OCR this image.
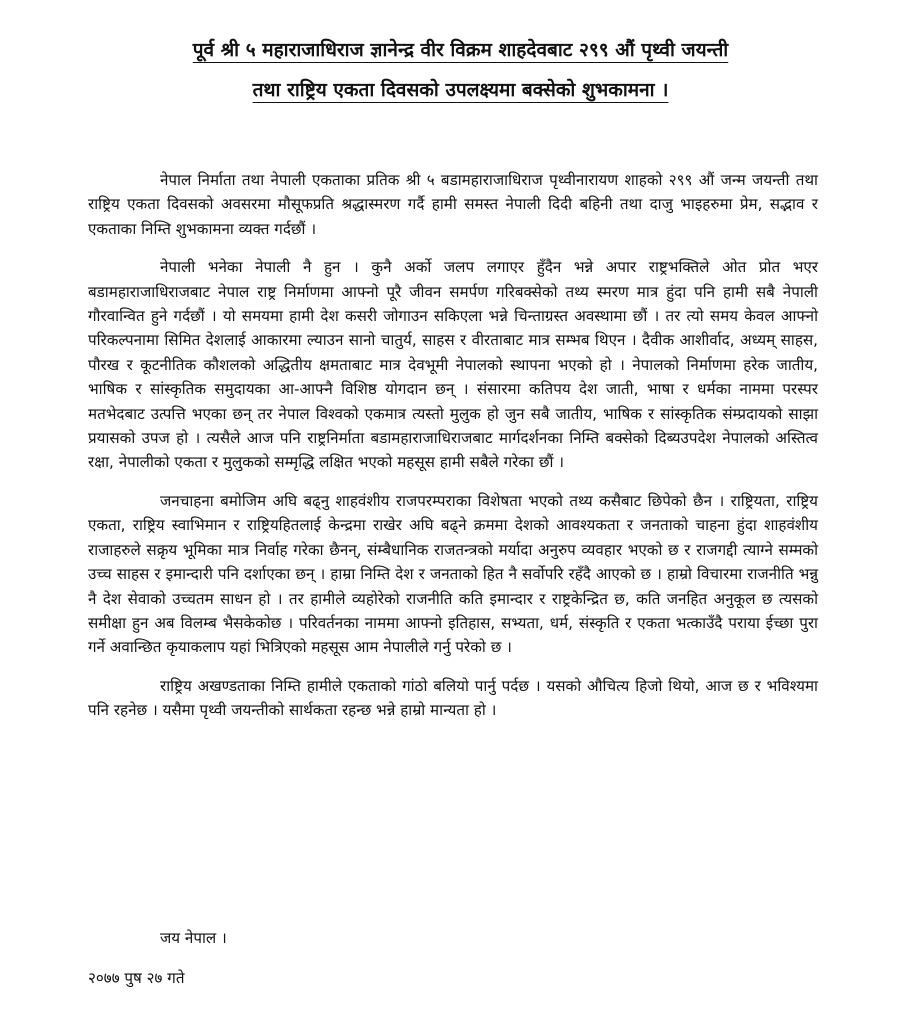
पूर्व श्री ५ महाराजाधिराज ज्ञानेन्द्र वीर विक्रम शाहदेवबाट २९९ औं पृथ्वी जयन्ती
तथा राष्ट्रिय एकता दिवसको उपलक्ष्यमा बक्सेको शुभकामना ।

नेपाल निर्माता तथा नेपाली एकताका प्रतिक श्री ५ बडामहाराजाधिराज पृथ्वीनारायण शाहको २९९ औं जन्म जयन्ती तथा राष्ट्रिय एकता दिवसको अवसरमा मौसूफप्रति श्रद्धास्मरण गर्दै हामी समस्त नेपाली दिदी बहिनी तथा दाजु भाइहरुमा प्रेम, सद्भाव र एकताका निम्ति शुभकामना व्यक्त गर्दछौं ।

नेपाली भनेका नेपाली नै हुन । कुनै अर्को जलप लगाएर हुँदैन भन्ने अपार राष्ट्रभक्तिले ओत प्रोत भएर बडामहाराजाधिराजबाट नेपाल राष्ट्र निर्माणमा आफ्नो पूरै जीवन समर्पण गरिबक्सेको तथ्य स्मरण मात्र हुंदा पनि हामी सबै नेपाली गौरवान्वित हुने गर्दछौं । यो समयमा हामी देश कसरी जोगाउन सकिएला भन्ने चिन्ताग्रस्त अवस्थामा छौं । तर त्यो समय केवल आफ्नो परिकल्पनामा सिमित देशलाई आकारमा ल्याउन सानो चातुर्य, साहस र वीरताबाट मात्र सम्भब थिएन । दैवीक आशीर्वाद, अध्यम् साहस, पौरख र कूटनीतिक कौशलको अद्धितीय क्षमताबाट मात्र देवभूमी नेपालको स्थापना भएको हो । नेपालको निर्माणमा हरेक जातीय, भाषिक र सांस्कृतिक समुदायका आ-आफ्नै विशिष्ठ योगदान छन् । संसारमा कतिपय देश जाती, भाषा र धर्मका नाममा परस्पर मतभेदबाट उत्पत्ति भएका छन् तर नेपाल विश्वको एकमात्र त्यस्तो मुलुक हो जुन सबै जातीय, भाषिक र सांस्कृतिक संम्प्रदायको साझा प्रयासको उपज हो । त्यसैले आज पनि राष्ट्रनिर्माता बडामहाराजाधिराजबाट मार्गदर्शनका निम्ति बक्सेको दिब्यउपदेश नेपालको अस्तित्व रक्षा, नेपालीको एकता र मुलुकको सम्मृद्धि लक्षित भएको महसूस हामी सबैले गरेका छौं ।

जनचाहना बमोजिम अघि बढ्नु शाहवंशीय राजपरम्पराका विशेषता भएको तथ्य कसैबाट छिपेको छैन । राष्ट्रियता, राष्ट्रिय एकता, राष्ट्रिय स्वाभिमान र राष्ट्रियहितलाई केन्द्रमा राखेर अघि बढ्ने क्रममा देशको आवश्यकता र जनताको चाहना हुंदा शाहवंशीय राजाहरुले सक्रृय भूमिका मात्र निर्वाह गरेका छैनन्, संम्बैधानिक राजतन्त्रको मर्यादा अनुरुप व्यवहार भएको छ र राजगद्दी त्याग्ने सम्मको उच्च साहस र इमान्दारी पनि दर्शाएका छन् । हाम्रा निम्ति देश र जनताको हित नै सर्वोपरि रहँदै आएको छ । हाम्रो विचारमा राजनीति भन्नु नै देश सेवाको उच्चतम साधन हो । तर हामीले व्यहोरेको राजनीति कति इमान्दार र राष्ट्रकेन्द्रित छ, कति जनहित अनुकूल छ त्यसको समीक्षा हुन अब विलम्ब भैसकेकोछ । परिवर्तनका नाममा आफ्नो इतिहास, सभ्यता, धर्म, संस्कृति र एकता भत्काउँदै पराया ईच्छा पुरा गर्ने अवान्छित कृयाकलाप यहां भित्रिएको महसूस आम नेपालीले गर्नु परेको छ ।

राष्ट्रिय अखण्डताका निम्ति हामीले एकताको गांठो बलियो पार्नु पर्दछ । यसको औचित्य हिजो थियो, आज छ र भविश्यमा पनि रहनेछ । यसैमा पृथ्वी जयन्तीको सार्थकता रहन्छ भन्ने हाम्रो मान्यता हो ।

जय नेपाल ।
२०७७ पुष २७ गते
